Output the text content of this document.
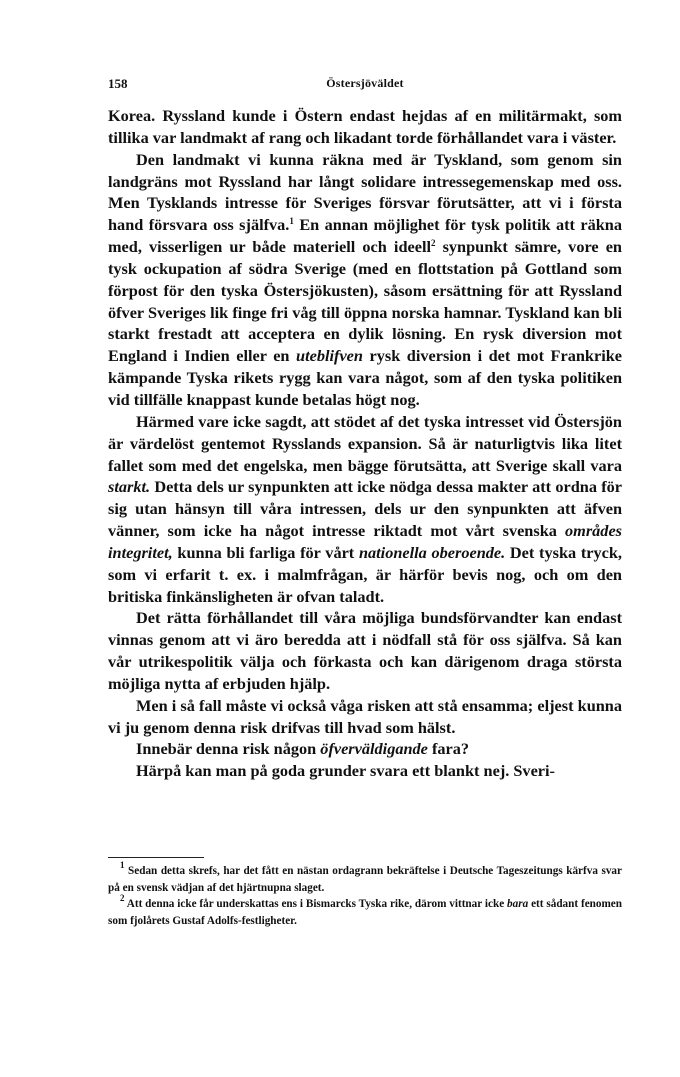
158	Östersjöväldet

Korea. Ryssland kunde i Östern endast hejdas af en militärmakt, som tillika var landmakt af rang och likadant torde förhållandet vara i väster.

Den landmakt vi kunna räkna med är Tyskland, som genom sin landgräns mot Ryssland har långt solidare intressegemenskap med oss. Men Tysklands intresse för Sveriges försvar förutsätter, att vi i första hand försvara oss själfva.$^1$ En annan möjlighet för tysk politik att räkna med, visserligen ur både materiell och ideell$^2$ synpunkt sämre, vore en tysk ockupation af södra Sverige (med en flottstation på Gottland som förpost för den tyska Östersjökusten), såsom ersättning för att Ryssland öfver Sveriges lik finge fri våg till öppna norska hamnar. Tyskland kan bli starkt frestadt att acceptera en dylik lösning. En rysk diversion mot England i Indien eller en uteblifven rysk diversion i det mot Frankrike kämpande Tyska rikets rygg kan vara något, som af den tyska politiken vid tillfälle knappast kunde betalas högt nog.

Härmed vare icke sagdt, att stödet af det tyska intresset vid Östersjön är värdelöst gentemot Rysslands expansion. Så är naturligtvis lika litet fallet som med det engelska, men bägge förutsätta, att Sverige skall vara starkt. Detta dels ur synpunkten att icke nödga dessa makter att ordna för sig utan hänsyn till våra intressen, dels ur den synpunkten att äfven vänner, som icke ha något intresse riktadt mot vårt svenska områdes integritet, kunna bli farliga för vårt nationella oberoende. Det tyska tryck, som vi erfarit t. ex. i malmfrågan, är härför bevis nog, och om den britiska finkänsligheten är ofvan taladt.

Det rätta förhållandet till våra möjliga bundsförvandter kan endast vinnas genom att vi äro beredda att i nödfall stå för oss själfva. Så kan vår utrikespolitik välja och förkasta och kan därigenom draga största möjliga nytta af erbjuden hjälp.

Men i så fall måste vi också våga risken att stå ensamma; eljest kunna vi ju genom denna risk drifvas till hvad som hälst.

Innebär denna risk någon öfverväldigande fara?

Härpå kan man på goda grunder svara ett blankt nej. Sveri-

$^1$ Sedan detta skrefs, har det fått en nästan ordagrann bekräftelse i Deutsche Tageszeitungs kärfva svar på en svensk vädjan af det hjärtnupna slaget.

$^2$ Att denna icke får underskattas ens i Bismarcks Tyska rike, därom vittnar icke bara ett sådant fenomen som fjolårets Gustaf Adolfs-festligheter.
